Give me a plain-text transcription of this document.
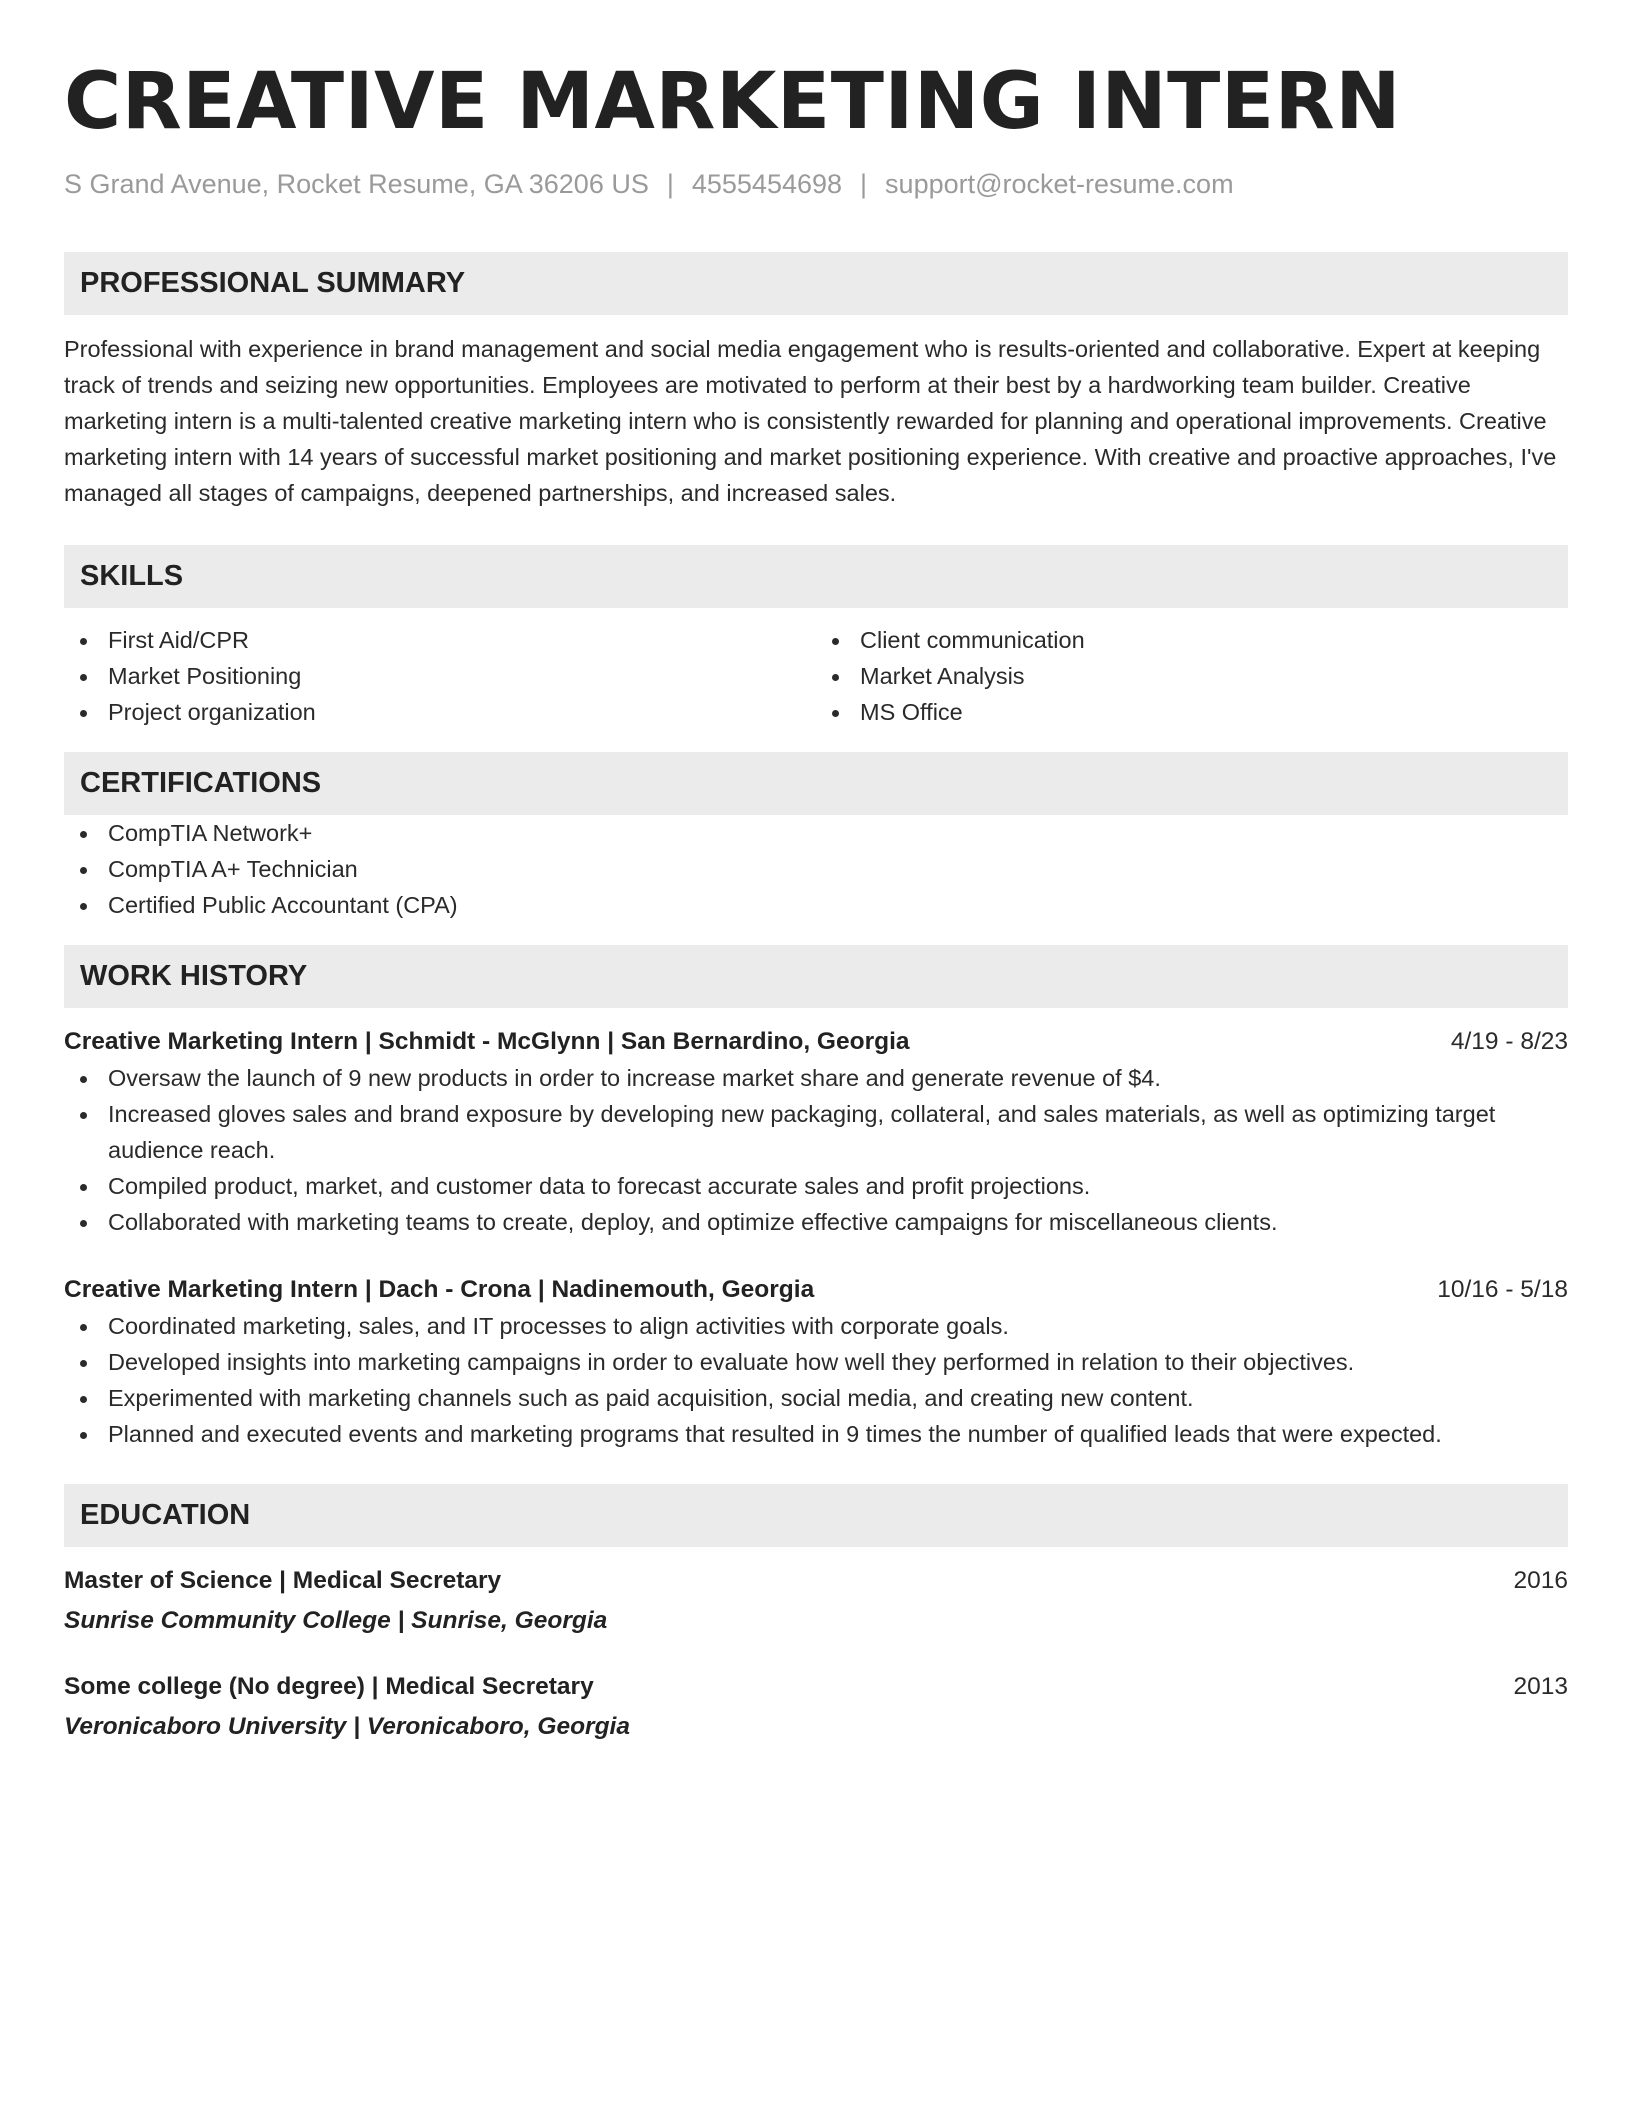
CREATIVE MARKETING INTERN
S Grand Avenue, Rocket Resume, GA 36206 US | 4555454698 | support@rocket-resume.com
PROFESSIONAL SUMMARY
Professional with experience in brand management and social media engagement who is results-oriented and collaborative. Expert at keeping track of trends and seizing new opportunities. Employees are motivated to perform at their best by a hardworking team builder. Creative marketing intern is a multi-talented creative marketing intern who is consistently rewarded for planning and operational improvements. Creative marketing intern with 14 years of successful market positioning and market positioning experience. With creative and proactive approaches, I've managed all stages of campaigns, deepened partnerships, and increased sales.
SKILLS
First Aid/CPR
Market Positioning
Project organization
Client communication
Market Analysis
MS Office
CERTIFICATIONS
CompTIA Network+
CompTIA A+ Technician
Certified Public Accountant (CPA)
WORK HISTORY
Creative Marketing Intern | Schmidt - McGlynn | San Bernardino, Georgia	4/19 - 8/23
Oversaw the launch of 9 new products in order to increase market share and generate revenue of $4.
Increased gloves sales and brand exposure by developing new packaging, collateral, and sales materials, as well as optimizing target audience reach.
Compiled product, market, and customer data to forecast accurate sales and profit projections.
Collaborated with marketing teams to create, deploy, and optimize effective campaigns for miscellaneous clients.
Creative Marketing Intern | Dach - Crona | Nadinemouth, Georgia	10/16 - 5/18
Coordinated marketing, sales, and IT processes to align activities with corporate goals.
Developed insights into marketing campaigns in order to evaluate how well they performed in relation to their objectives.
Experimented with marketing channels such as paid acquisition, social media, and creating new content.
Planned and executed events and marketing programs that resulted in 9 times the number of qualified leads that were expected.
EDUCATION
Master of Science | Medical Secretary	2016
Sunrise Community College | Sunrise, Georgia
Some college (No degree) | Medical Secretary	2013
Veronicaboro University | Veronicaboro, Georgia
